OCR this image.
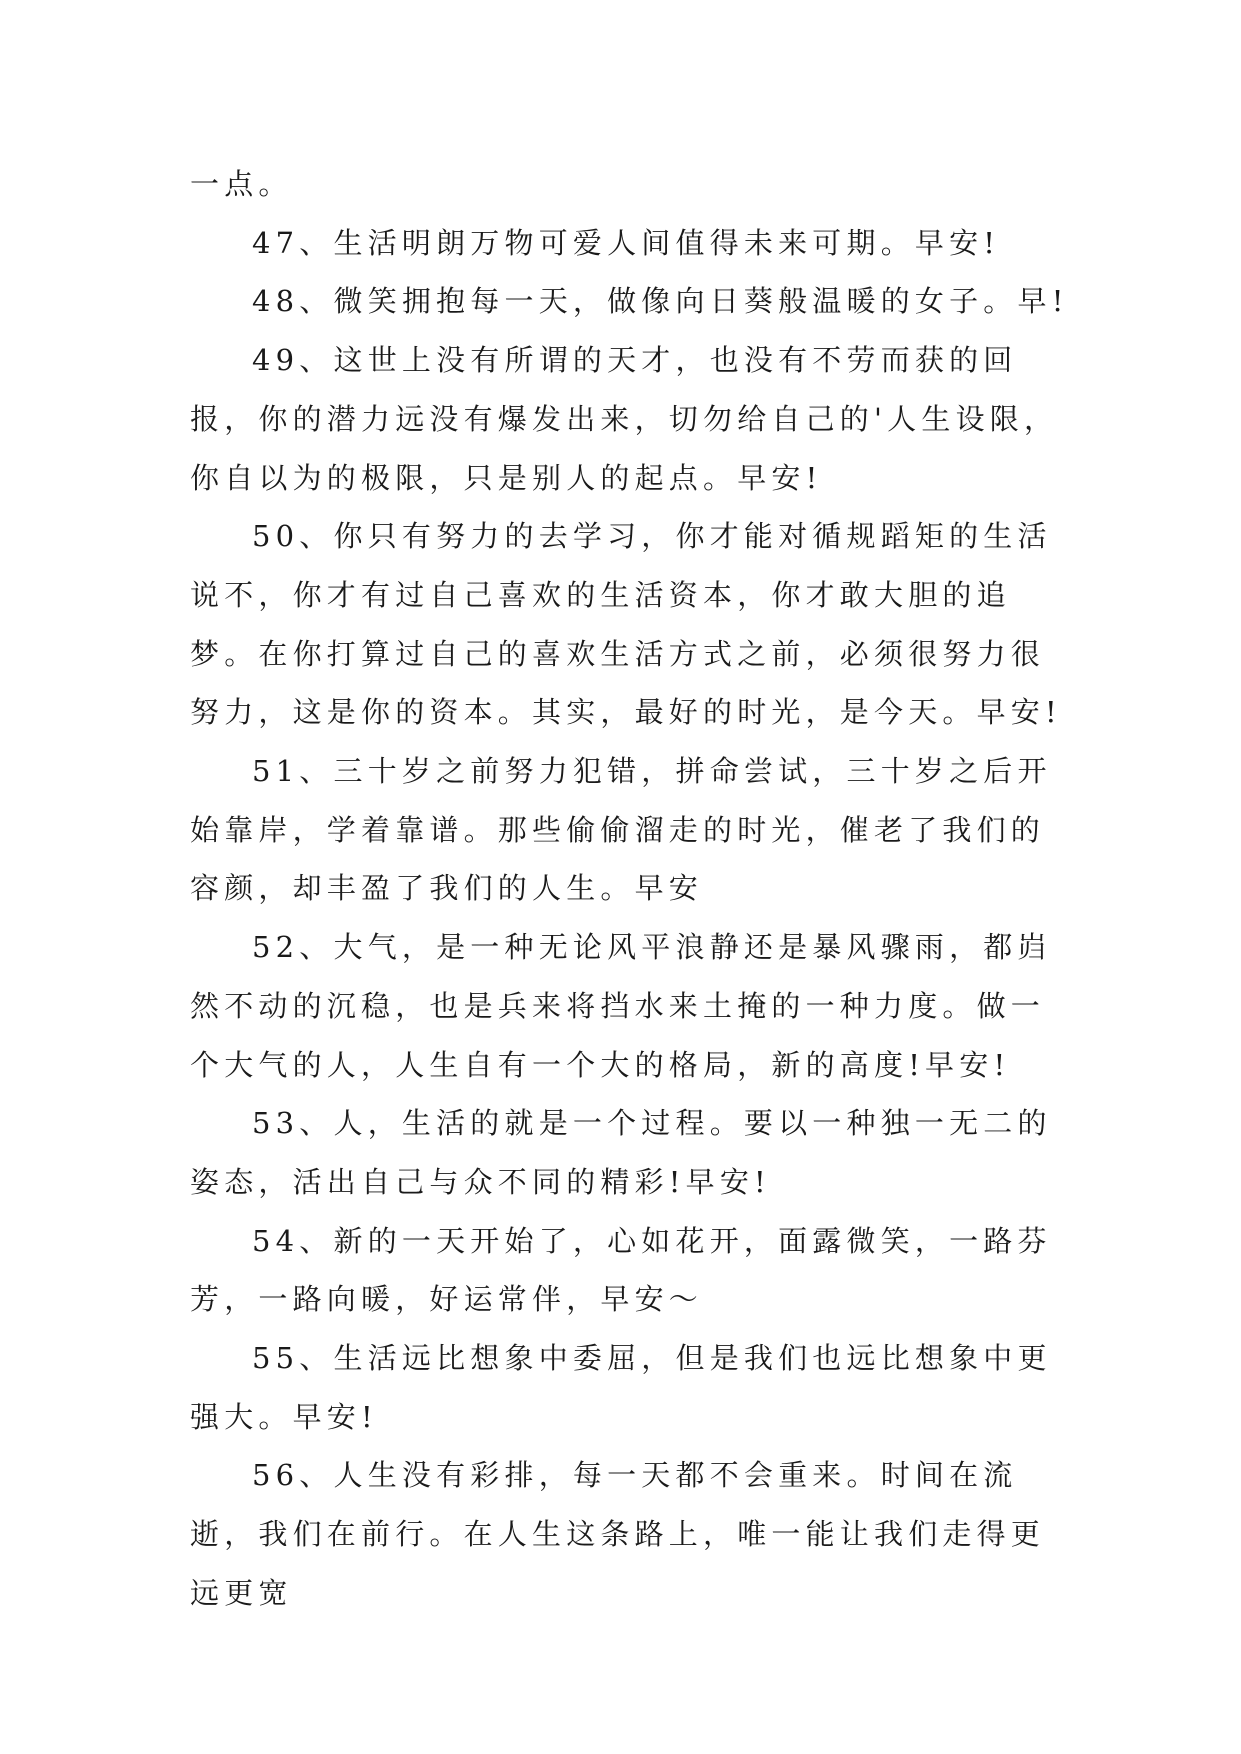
一点。

47、生活明朗万物可爱人间值得未来可期。早安!

48、微笑拥抱每一天，做像向日葵般温暖的女子。早!

49、这世上没有所谓的天才，也没有不劳而获的回报，你的潜力远没有爆发出来，切勿给自己的'人生设限，你自以为的极限，只是别人的起点。早安!

50、你只有努力的去学习，你才能对循规蹈矩的生活说不，你才有过自己喜欢的生活资本，你才敢大胆的追梦。在你打算过自己的喜欢生活方式之前，必须很努力很努力，这是你的资本。其实，最好的时光，是今天。早安!

51、三十岁之前努力犯错，拼命尝试，三十岁之后开始靠岸，学着靠谱。那些偷偷溜走的时光，催老了我们的容颜，却丰盈了我们的人生。早安

52、大气，是一种无论风平浪静还是暴风骤雨，都岿然不动的沉稳，也是兵来将挡水来土掩的一种力度。做一个大气的人，人生自有一个大的格局，新的高度!早安!

53、人，生活的就是一个过程。要以一种独一无二的姿态，活出自己与众不同的精彩!早安!

54、新的一天开始了，心如花开，面露微笑，一路芬芳，一路向暖，好运常伴，早安～

55、生活远比想象中委屈，但是我们也远比想象中更强大。早安!

56、人生没有彩排，每一天都不会重来。时间在流逝，我们在前行。在人生这条路上，唯一能让我们走得更远更宽
